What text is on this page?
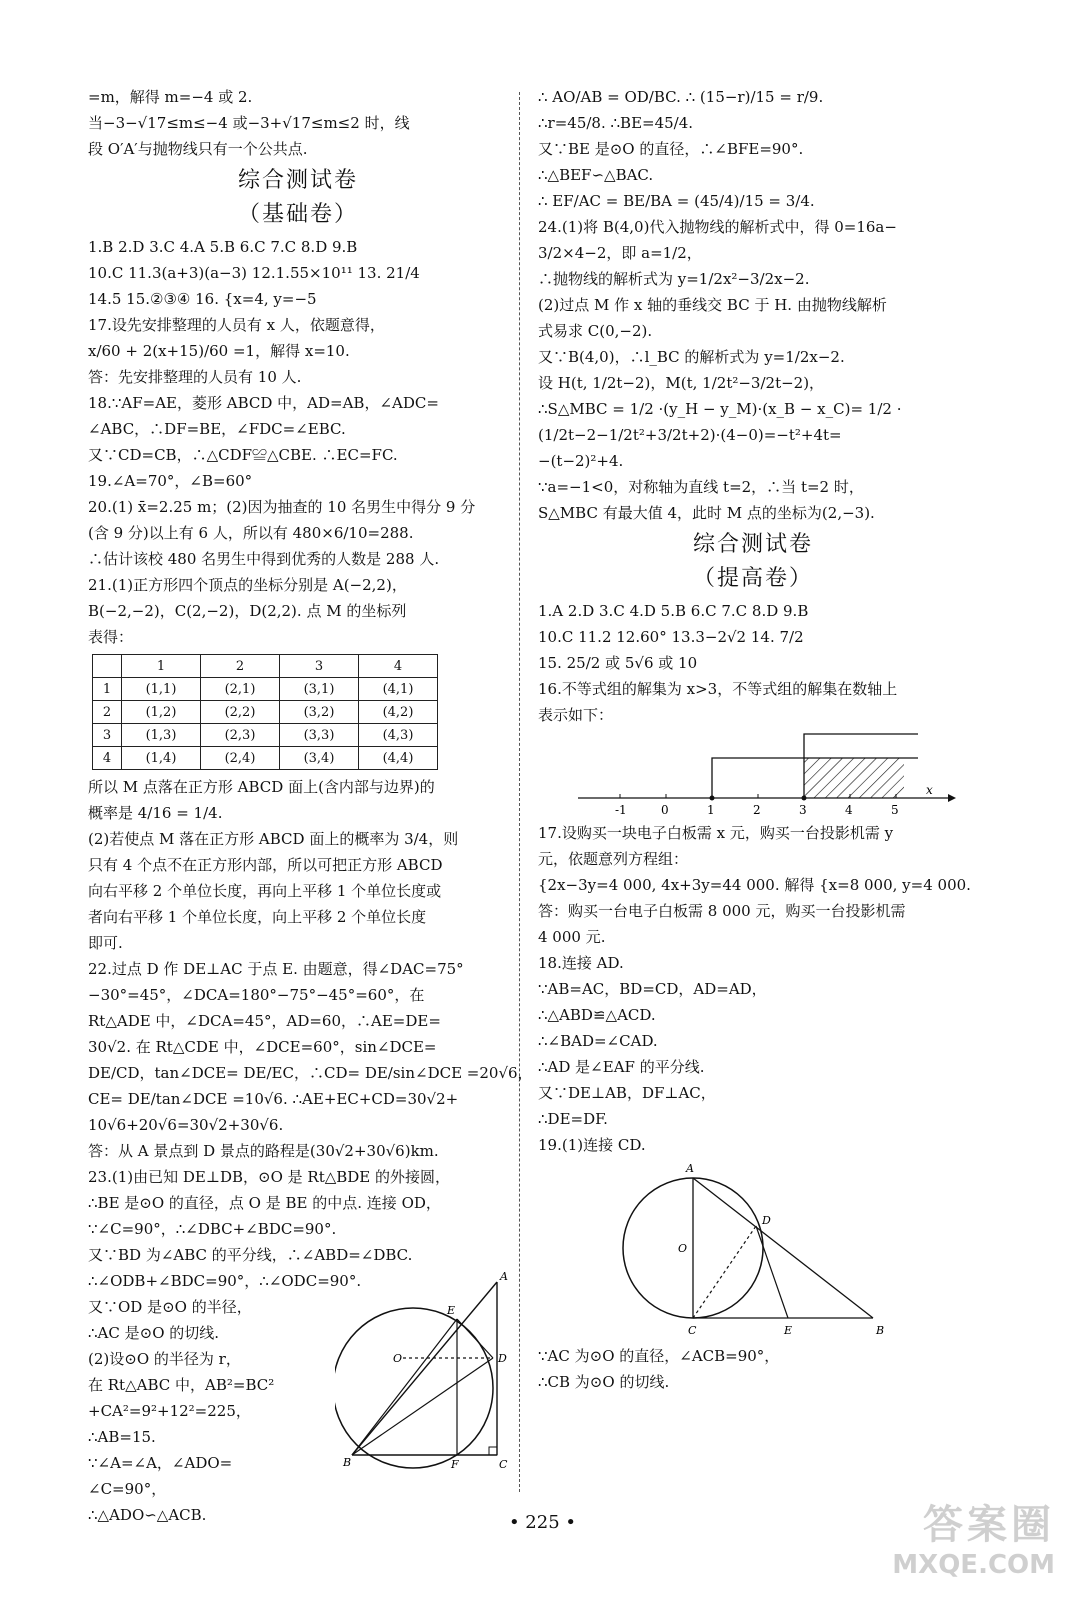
=m，解得 m=−4 或 2.
当−3−√17≤m≤−4 或−3+√17≤m≤2 时，线
段 O′A′与抛物线只有一个公共点.
综合测试卷
（基础卷）
1.B 2.D 3.C 4.A 5.B 6.C 7.C 8.D 9.B
10.C 11.3(a+3)(a−3) 12.1.55×10¹¹ 13. 21/4
14.5 15.②③④ 16. {x=4, y=−5
17.设先安排整理的人员有 x 人，依题意得，
x/60 + 2(x+15)/60 =1，解得 x=10.
答：先安排整理的人员有 10 人.
18.∵AF=AE，菱形 ABCD 中，AD=AB，∠ADC=
∠ABC，∴DF=BE，∠FDC=∠EBC.
又∵CD=CB，∴△CDF≌△CBE. ∴EC=FC.
19.∠A=70°，∠B=60°
20.(1) x̄=2.25 m；(2)因为抽查的 10 名男生中得分 9 分
(含 9 分)以上有 6 人，所以有 480×6/10=288.
∴估计该校 480 名男生中得到优秀的人数是 288 人.
21.(1)正方形四个顶点的坐标分别是 A(−2,2)，
B(−2,−2)，C(2,−2)，D(2,2). 点 M 的坐标列
表得：
	1	2	3	4
1	(1,1)	(2,1)	(3,1)	(4,1)
2	(1,2)	(2,2)	(3,2)	(4,2)
3	(1,3)	(2,3)	(3,3)	(4,3)
4	(1,4)	(2,4)	(3,4)	(4,4)
所以 M 点落在正方形 ABCD 面上(含内部与边界)的
概率是 4/16 = 1/4.
(2)若使点 M 落在正方形 ABCD 面上的概率为 3/4，则
只有 4 个点不在正方形内部，所以可把正方形 ABCD
向右平移 2 个单位长度，再向上平移 1 个单位长度或
者向右平移 1 个单位长度，向上平移 2 个单位长度
即可.
22.过点 D 作 DE⊥AC 于点 E. 由题意，得∠DAC=75°
−30°=45°，∠DCA=180°−75°−45°=60°，在
Rt△ADE 中，∠DCA=45°，AD=60，∴AE=DE=
30√2. 在 Rt△CDE 中，∠DCE=60°，sin∠DCE=
DE/CD，tan∠DCE= DE/EC，∴CD= DE/sin∠DCE =20√6，
CE= DE/tan∠DCE =10√6. ∴AE+EC+CD=30√2+
10√6+20√6=30√2+30√6.
答：从 A 景点到 D 景点的路程是(30√2+30√6)km.
23.(1)由已知 DE⊥DB，⊙O 是 Rt△BDE 的外接圆，
∴BE 是⊙O 的直径，点 O 是 BE 的中点. 连接 OD，
∵∠C=90°，∴∠DBC+∠BDC=90°.
又∵BD 为∠ABC 的平分线，∴∠ABD=∠DBC.
∴∠ODB+∠BDC=90°，∴∠ODC=90°.
又∵OD 是⊙O 的半径，
∴AC 是⊙O 的切线.
(2)设⊙O 的半径为 r，
在 Rt△ABC 中，AB²=BC²
+CA²=9²+12²=225，
∴AB=15.
∵∠A=∠A，∠ADO=
∠C=90°，
∴△ADO∽△ACB.
A
E
O	D
B	F	C
∴ AO/AB = OD/BC. ∴ (15−r)/15 = r/9.
∴r=45/8. ∴BE=45/4.
又∵BE 是⊙O 的直径，∴∠BFE=90°.
∴△BEF∽△BAC.
∴ EF/AC = BE/BA = (45/4)/15 = 3/4.
24.(1)将 B(4,0)代入抛物线的解析式中，得 0=16a−
3/2×4−2，即 a=1/2，
∴抛物线的解析式为 y=1/2x²−3/2x−2.
(2)过点 M 作 x 轴的垂线交 BC 于 H. 由抛物线解析
式易求 C(0,−2).
又∵B(4,0)，∴l_BC 的解析式为 y=1/2x−2.
设 H(t, 1/2t−2)，M(t, 1/2t²−3/2t−2)，
∴S△MBC = 1/2 ·(y_H − y_M)·(x_B − x_C)= 1/2 ·
(1/2t−2−1/2t²+3/2t+2)·(4−0)=−t²+4t=
−(t−2)²+4.
∵a=−1<0，对称轴为直线 t=2，∴当 t=2 时，
S△MBC 有最大值 4，此时 M 点的坐标为(2,−3).
综合测试卷
（提高卷）
1.A 2.D 3.C 4.D 5.B 6.C 7.C 8.D 9.B
10.C 11.2 12.60° 13.3−2√2 14. 7/2
15. 25/2 或 5√6 或 10
16.不等式组的解集为 x>3，不等式组的解集在数轴上
表示如下：
-1	0	1	2	3	4	5
x
17.设购买一块电子白板需 x 元，购买一台投影机需 y
元，依题意列方程组：
{2x−3y=4 000, 4x+3y=44 000. 解得 {x=8 000, y=4 000.
答：购买一台电子白板需 8 000 元，购买一台投影机需
4 000 元.
18.连接 AD.
∵AB=AC，BD=CD，AD=AD，
∴△ABD≌△ACD.
∴∠BAD=∠CAD.
∴AD 是∠EAF 的平分线.
又∵DE⊥AB，DF⊥AC，
∴DE=DF.
19.(1)连接 CD.
A
D
O
C	E	B
∵AC 为⊙O 的直径，∠ACB=90°，
∴CB 为⊙O 的切线.
• 225 •	答案圈
MXQE.COM
